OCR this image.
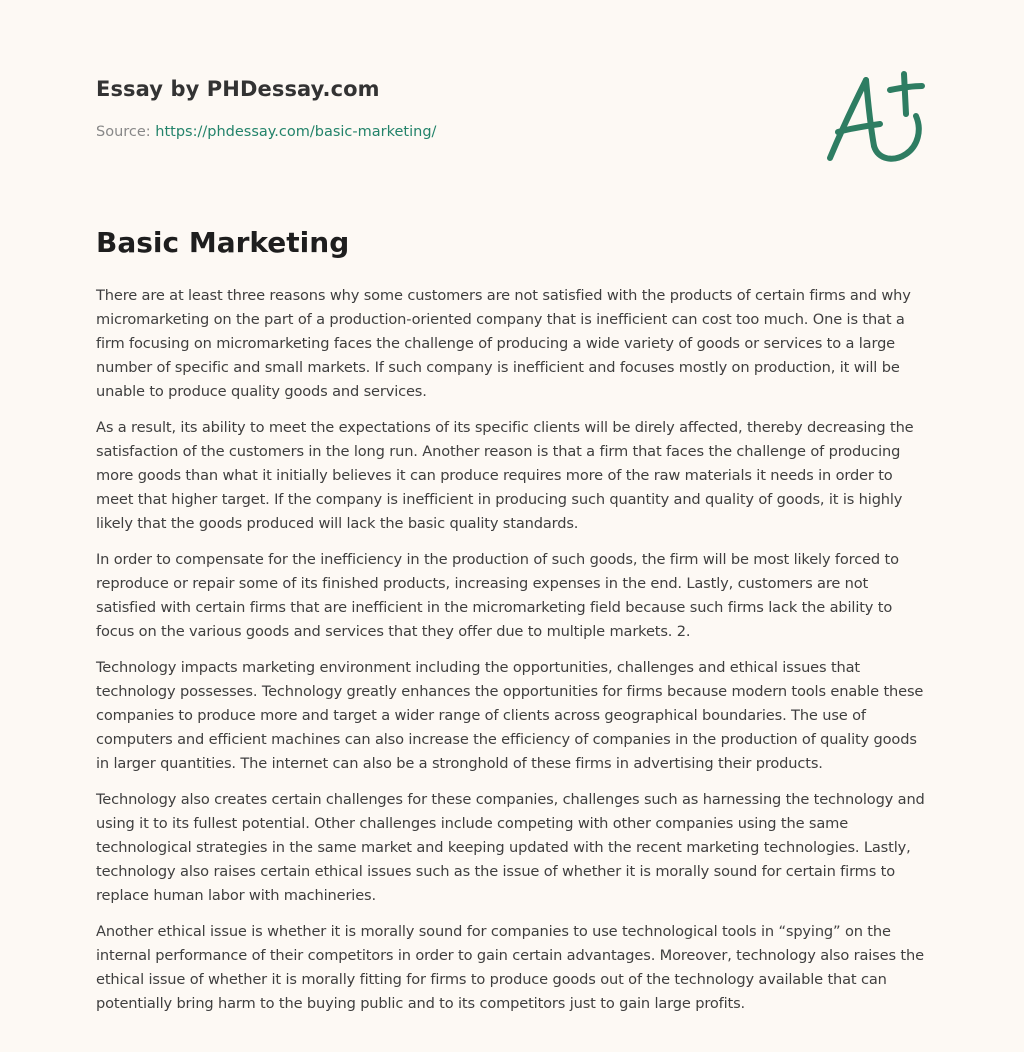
Essay by PHDessay.com
Source: https://phdessay.com/basic-marketing/
Basic Marketing

There are at least three reasons why some customers are not satisfied with the products of certain firms and why micromarketing on the part of a production-oriented company that is inefficient can cost too much. One is that a firm focusing on micromarketing faces the challenge of producing a wide variety of goods or services to a large number of specific and small markets. If such company is inefficient and focuses mostly on production, it will be unable to produce quality goods and services.

As a result, its ability to meet the expectations of its specific clients will be direly affected, thereby decreasing the satisfaction of the customers in the long run. Another reason is that a firm that faces the challenge of producing more goods than what it initially believes it can produce requires more of the raw materials it needs in order to meet that higher target. If the company is inefficient in producing such quantity and quality of goods, it is highly likely that the goods produced will lack the basic quality standards.

In order to compensate for the inefficiency in the production of such goods, the firm will be most likely forced to reproduce or repair some of its finished products, increasing expenses in the end. Lastly, customers are not satisfied with certain firms that are inefficient in the micromarketing field because such firms lack the ability to focus on the various goods and services that they offer due to multiple markets. 2.

Technology impacts marketing environment including the opportunities, challenges and ethical issues that technology possesses. Technology greatly enhances the opportunities for firms because modern tools enable these companies to produce more and target a wider range of clients across geographical boundaries. The use of computers and efficient machines can also increase the efficiency of companies in the production of quality goods in larger quantities. The internet can also be a stronghold of these firms in advertising their products.

Technology also creates certain challenges for these companies, challenges such as harnessing the technology and using it to its fullest potential. Other challenges include competing with other companies using the same technological strategies in the same market and keeping updated with the recent marketing technologies. Lastly, technology also raises certain ethical issues such as the issue of whether it is morally sound for certain firms to replace human labor with machineries.

Another ethical issue is whether it is morally sound for companies to use technological tools in “spying” on the internal performance of their competitors in order to gain certain advantages. Moreover, technology also raises the ethical issue of whether it is morally fitting for firms to produce goods out of the technology available that can potentially bring harm to the buying public and to its competitors just to gain large profits.
